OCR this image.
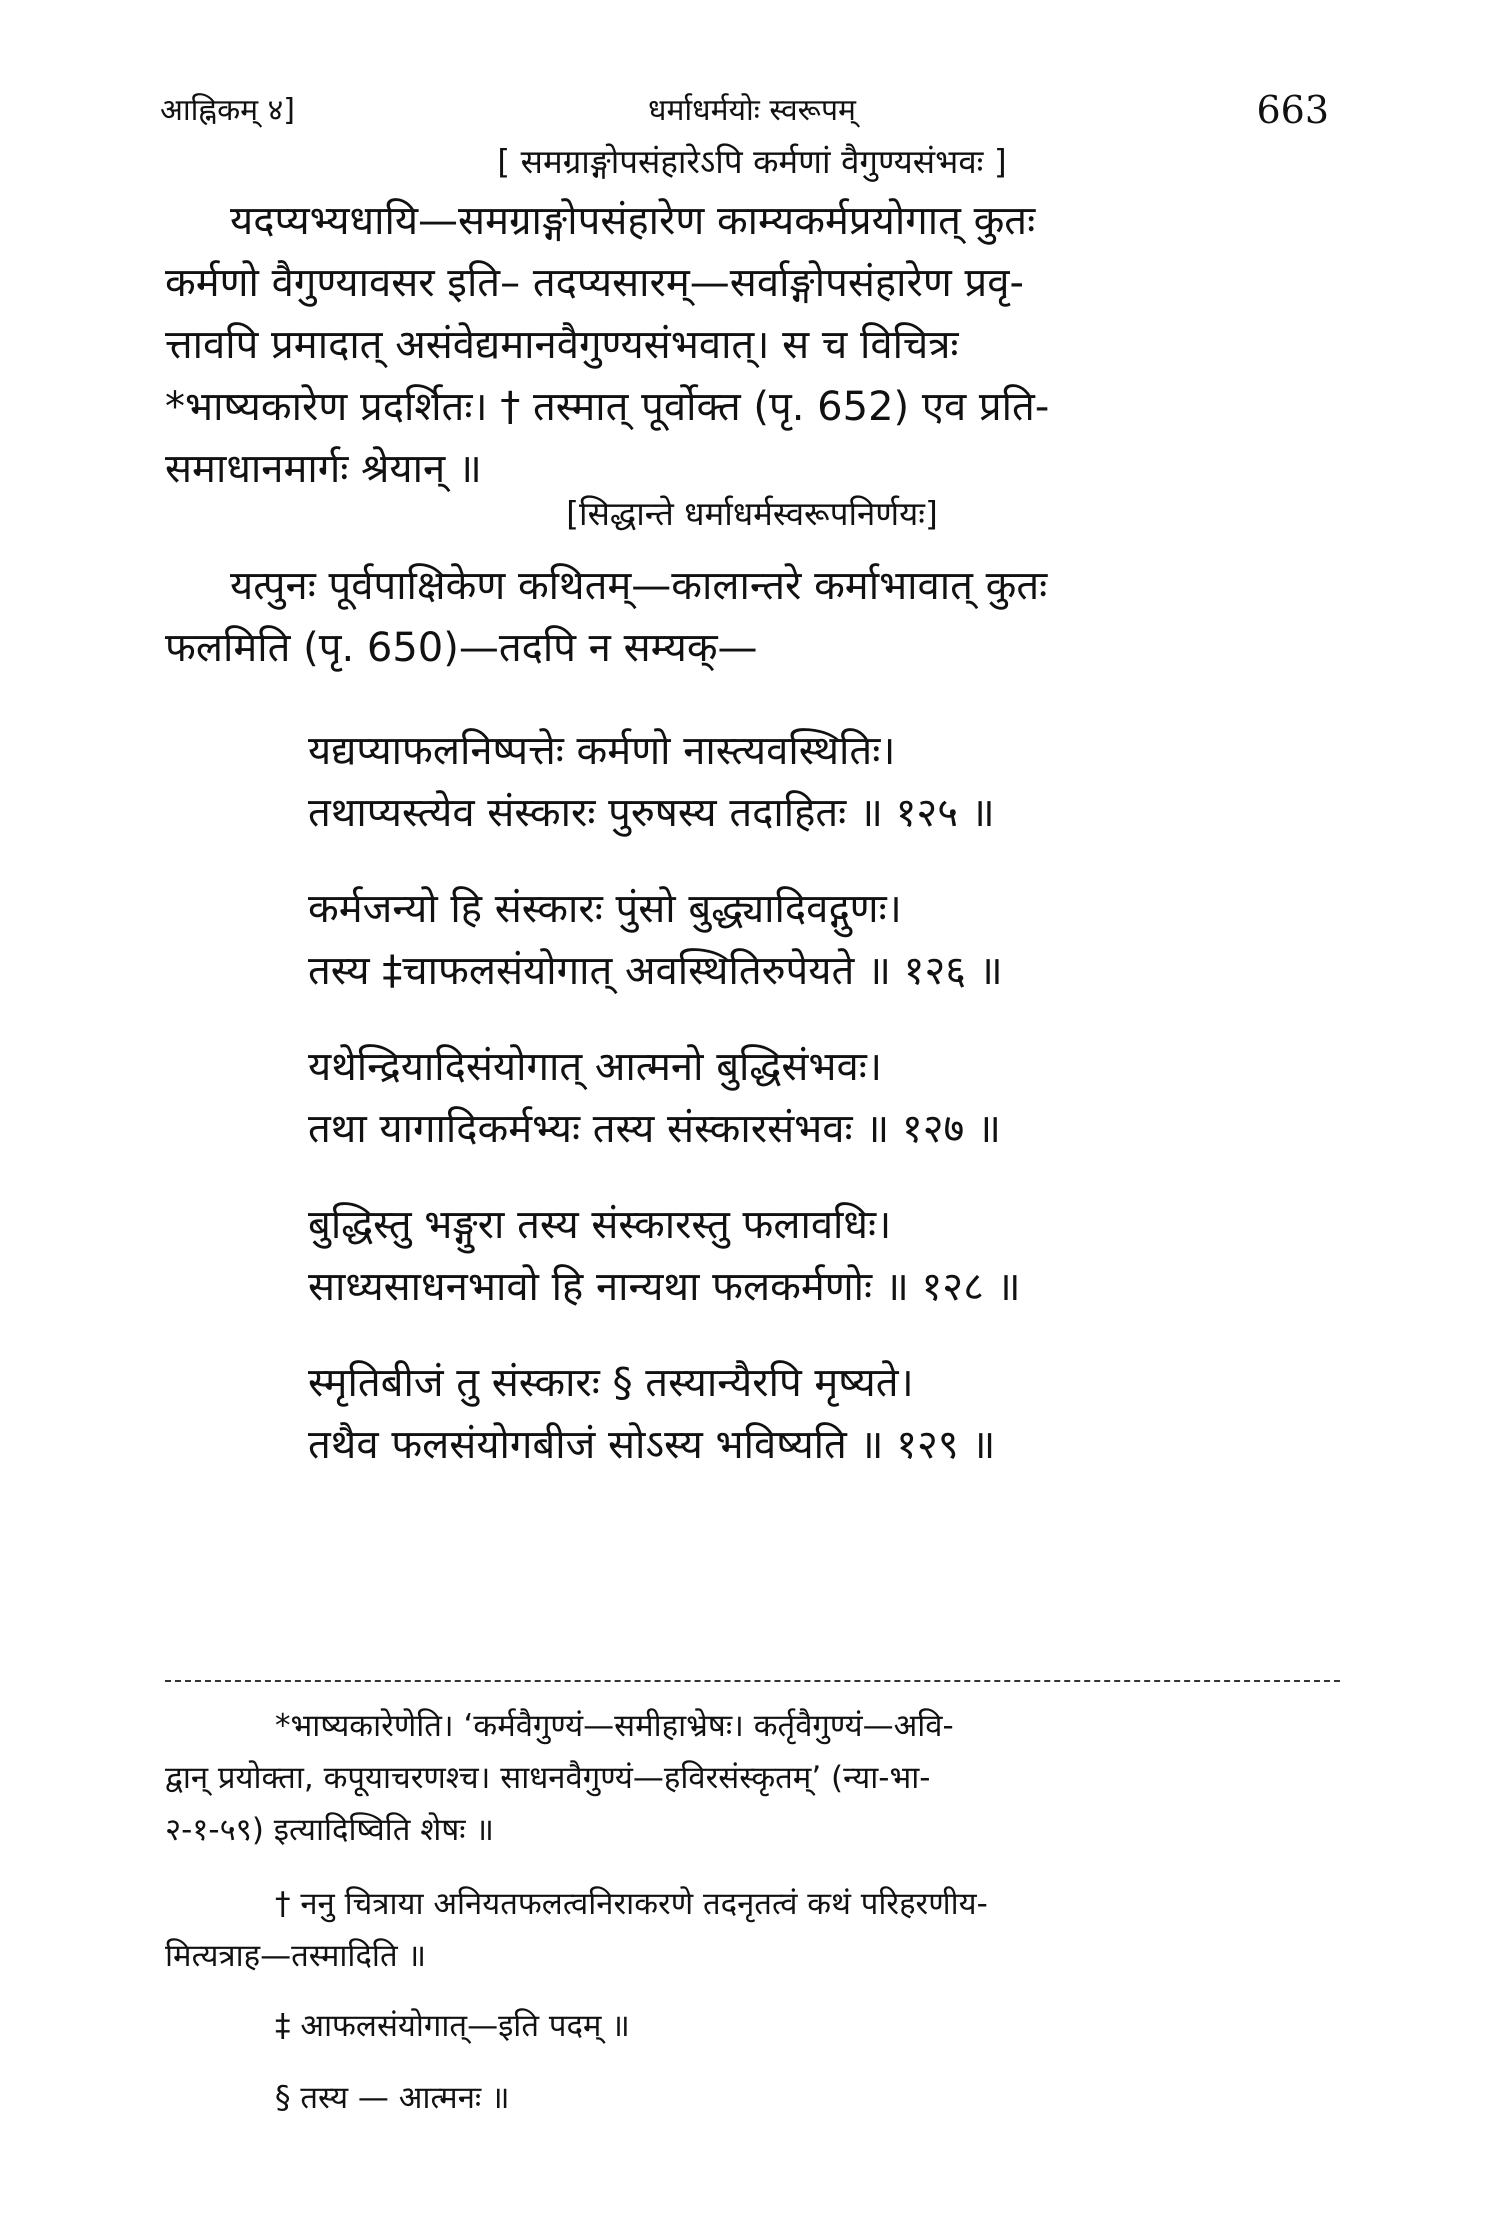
आह्निकम् ४]	धर्माधर्मयोः स्वरूपम्	663
[ समग्राङ्गोपसंहारेऽपि कर्मणां वैगुण्यसंभवः ]
यदप्यभ्यधायि—समग्राङ्गोपसंहारेण काम्यकर्मप्रयोगात् कुतः
कर्मणो वैगुण्यावसर इति– तदप्यसारम्—सर्वाङ्गोपसंहारेण प्रवृ-
त्तावपि प्रमादात् असंवेद्यमानवैगुण्यसंभवात्। स च विचित्रः
*भाष्यकारेण प्रदर्शितः। † तस्मात् पूर्वोक्त (पृ. 652) एव प्रति-
समाधानमार्गः श्रेयान् ॥
[सिद्धान्ते धर्माधर्मस्वरूपनिर्णयः]
यत्पुनः पूर्वपाक्षिकेण कथितम्—कालान्तरे कर्माभावात् कुतः
फलमिति (पृ. 650)—तदपि न सम्यक्—
यद्यप्याफलनिष्पत्तेः कर्मणो नास्त्यवस्थितिः।
तथाप्यस्त्येव संस्कारः पुरुषस्य तदाहितः ॥ १२५ ॥
कर्मजन्यो हि संस्कारः पुंसो बुद्ध्यादिवद्गुणः।
तस्य ‡चाफलसंयोगात् अवस्थितिरुपेयते ॥ १२६ ॥
यथेन्द्रियादिसंयोगात् आत्मनो बुद्धिसंभवः।
तथा यागादिकर्मभ्यः तस्य संस्कारसंभवः ॥ १२७ ॥
बुद्धिस्तु भङ्गुरा तस्य संस्कारस्तु फलावधिः।
साध्यसाधनभावो हि नान्यथा फलकर्मणोः ॥ १२८ ॥
स्मृतिबीजं तु संस्कारः § तस्यान्यैरपि मृष्यते।
तथैव फलसंयोगबीजं सोऽस्य भविष्यति ॥ १२९ ॥
*भाष्यकारेणेति। ‘कर्मवैगुण्यं—समीहाभ्रेषः। कर्तृवैगुण्यं—अवि-
द्वान् प्रयोक्ता, कपूयाचरणश्च। साधनवैगुण्यं—हविरसंस्कृतम्’ (न्या-भा-
२-१-५९) इत्यादिष्विति शेषः ॥
† ननु चित्राया अनियतफलत्वनिराकरणे तदनृतत्वं कथं परिहरणीय-
मित्यत्राह—तस्मादिति ॥
‡ आफलसंयोगात्—इति पदम् ॥
§ तस्य — आत्मनः ॥
